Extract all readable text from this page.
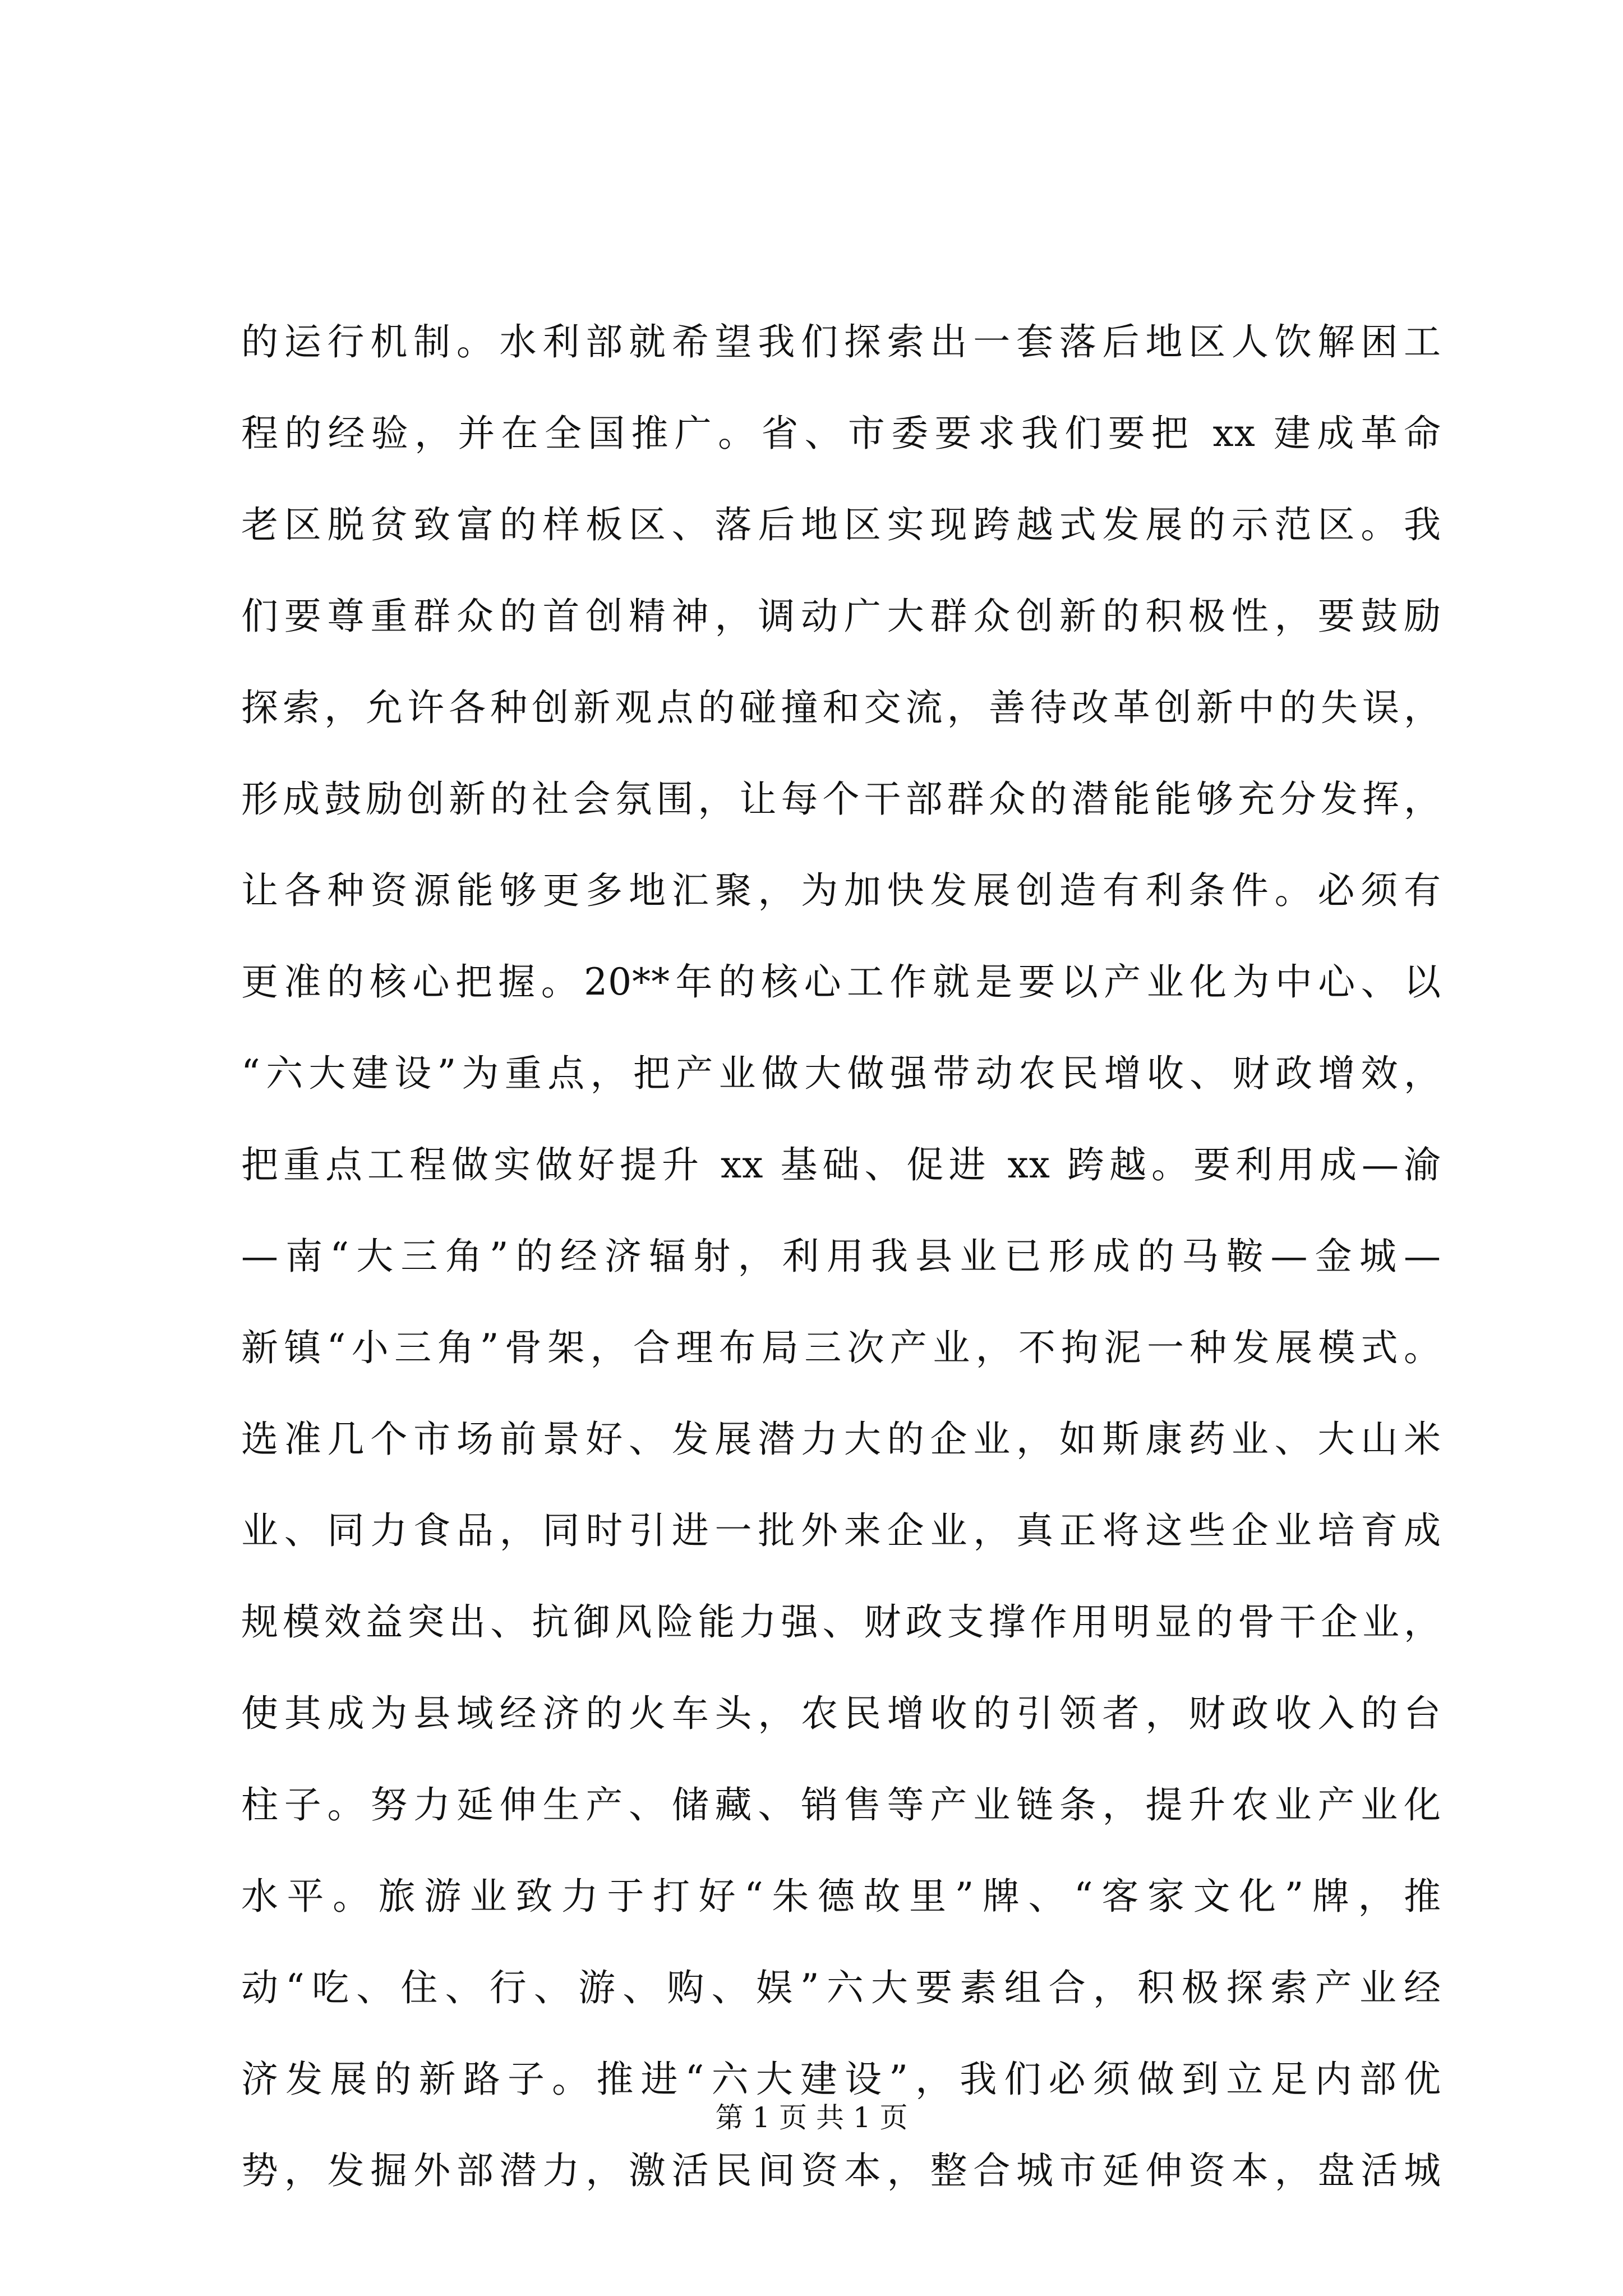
的运行机制。水利部就希望我们探索出一套落后地区人饮解困工
程的经验，并在全国推广。省、市委要求我们要把 xx 建成革命
老区脱贫致富的样板区、落后地区实现跨越式发展的示范区。我
们要尊重群众的首创精神，调动广大群众创新的积极性，要鼓励
探索，允许各种创新观点的碰撞和交流，善待改革创新中的失误，
形成鼓励创新的社会氛围，让每个干部群众的潜能能够充分发挥，
让各种资源能够更多地汇聚，为加快发展创造有利条件。必须有
更准的核心把握。20**年的核心工作就是要以产业化为中心、以
“六大建设”为重点，把产业做大做强带动农民增收、财政增效，
把重点工程做实做好提升 xx 基础、促进 xx 跨越。要利用成—渝
—南“大三角”的经济辐射，利用我县业已形成的马鞍—金城—
新镇“小三角”骨架，合理布局三次产业，不拘泥一种发展模式。
选准几个市场前景好、发展潜力大的企业，如斯康药业、大山米
业、同力食品，同时引进一批外来企业，真正将这些企业培育成
规模效益突出、抗御风险能力强、财政支撑作用明显的骨干企业，
使其成为县域经济的火车头，农民增收的引领者，财政收入的台
柱子。努力延伸生产、储藏、销售等产业链条，提升农业产业化
水平。旅游业致力于打好“朱德故里”牌、“客家文化”牌，推
动“吃、住、行、游、购、娱”六大要素组合，积极探索产业经
济发展的新路子。推进“六大建设”，我们必须做到立足内部优
势，发掘外部潜力，激活民间资本，整合城市延伸资本，盘活城
第 1 页 共 1 页
